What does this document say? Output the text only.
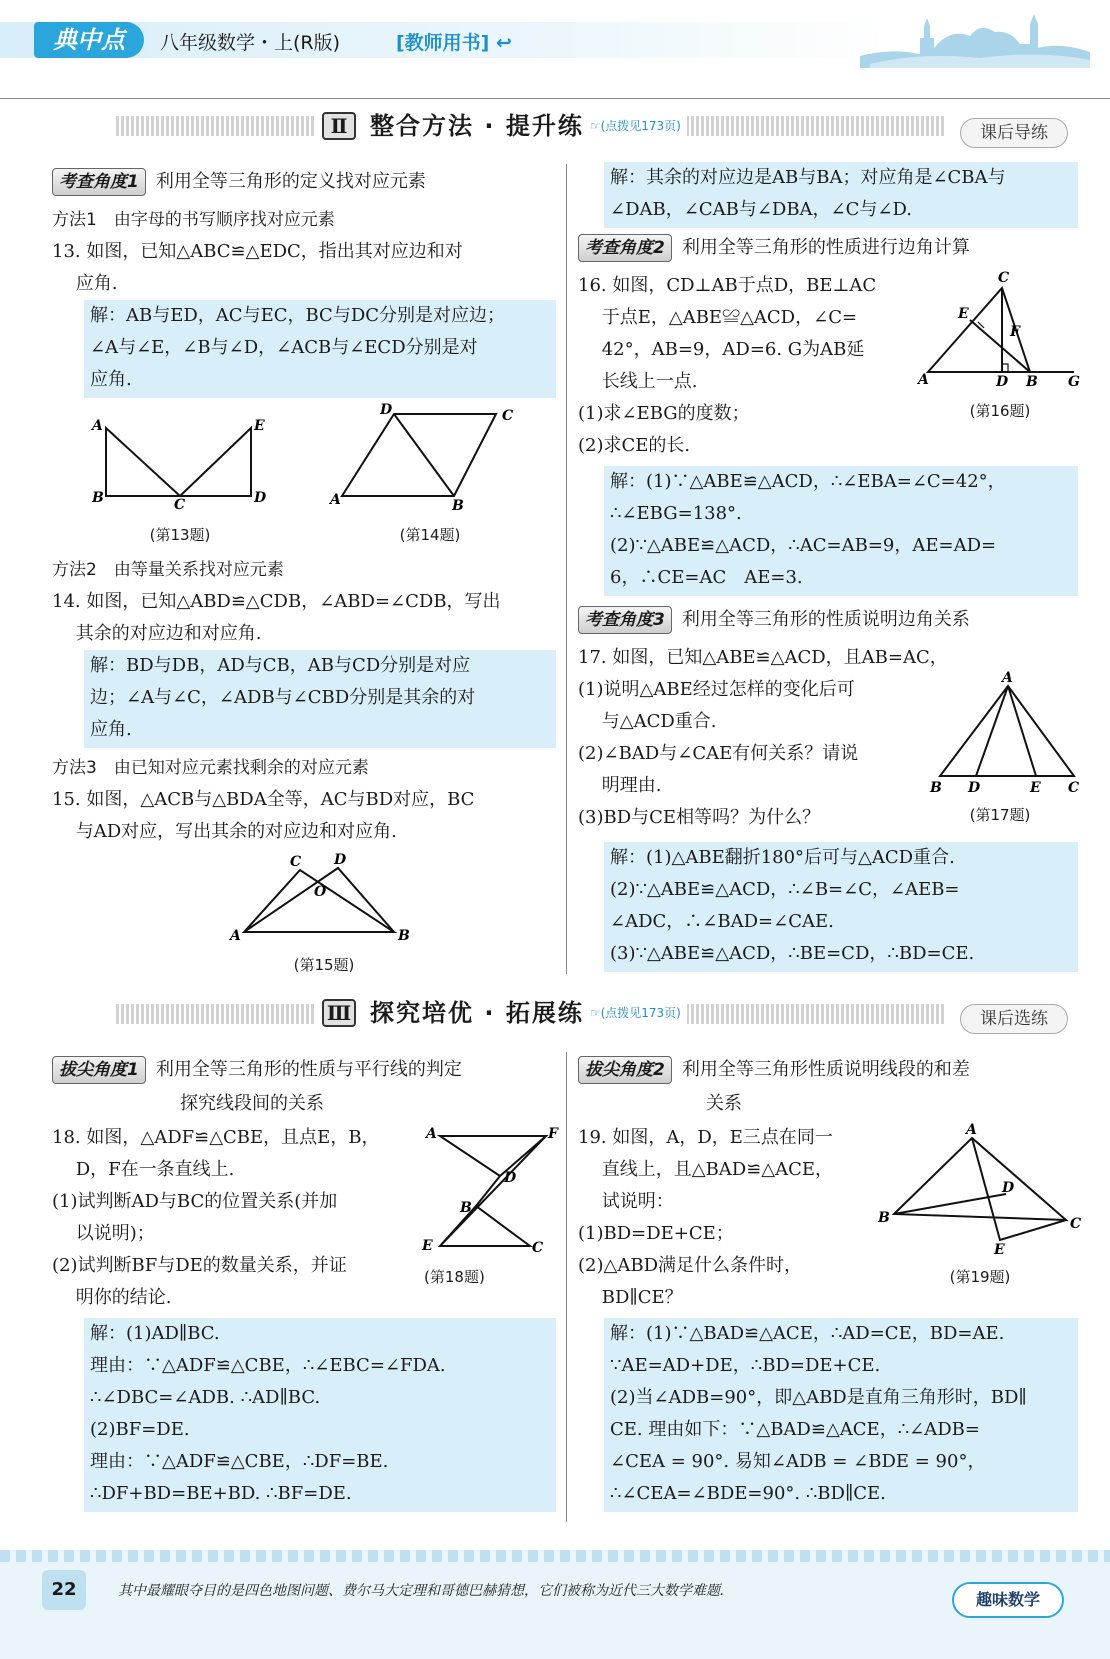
典中点	八年级数学・上(R版)	[教师用书] ↩
Ⅱ 整合方法 · 提升练 ☞(点拨见173页)	课后导练
考查角度1 利用全等三角形的定义找对应元素
方法1　由字母的书写顺序找对应元素
13. 如图，已知△ABC≌△EDC，指出其对应边和对
　 应角.
解：AB与ED，AC与EC，BC与DC分别是对应边；
∠A与∠E，∠B与∠D，∠ACB与∠ECD分别是对
应角.
A
B	C
E
D
(第13题)
D	C
A	B
(第14题)
方法2　由等量关系找对应元素
14. 如图，已知△ABD≌△CDB，∠ABD=∠CDB，写出
　 其余的对应边和对应角.
解：BD与DB，AD与CB，AB与CD分别是对应
边；∠A与∠C，∠ADB与∠CBD分别是其余的对
应角.
方法3　由已知对应元素找剩余的对应元素
15. 如图，△ACB与△BDA全等，AC与BD对应，BC
　 与AD对应，写出其余的对应边和对应角.
C D
O
A	B
(第15题)
解：其余的对应边是AB与BA；对应角是∠CBA与
∠DAB，∠CAB与∠DBA，∠C与∠D.
考查角度2 利用全等三角形的性质进行边角计算
16. 如图，CD⊥AB于点D，BE⊥AC
　 于点E，△ABE≌△ACD，∠C=
　 42°，AB=9，AD=6. G为AB延
　 长线上一点.
(1)求∠EBG的度数；
(2)求CE的长.
C
E
F
A	D B G
(第16题)
解：(1)∵△ABE≌△ACD，∴∠EBA=∠C=42°，
∴∠EBG=138°.
(2)∵△ABE≌△ACD，∴AC=AB=9，AE=AD=
6，∴CE=AC　AE=3.
考查角度3 利用全等三角形的性质说明边角关系
17. 如图，已知△ABE≌△ACD，且AB=AC，
(1)说明△ABE经过怎样的变化后可
　 与△ACD重合.
(2)∠BAD与∠CAE有何关系？请说
　 明理由.
(3)BD与CE相等吗？为什么？
A
B D	E C
(第17题)
解：(1)△ABE翻折180°后可与△ACD重合.
(2)∵△ABE≌△ACD，∴∠B=∠C，∠AEB=
∠ADC，∴∠BAD=∠CAE.
(3)∵△ABE≌△ACD，∴BE=CD，∴BD=CE.
Ⅲ 探究培优 · 拓展练 ☞(点拨见173页)	课后选练
拔尖角度1 利用全等三角形的性质与平行线的判定
探究线段间的关系
18. 如图，△ADF≌△CBE，且点E，B，
　 D，F在一条直线上.
(1)试判断AD与BC的位置关系(并加
　 以说明)；
(2)试判断BF与DE的数量关系，并证
　 明你的结论.
A	F
D
B
E	C
(第18题)
解：(1)AD∥BC.
理由：∵△ADF≌△CBE，∴∠EBC=∠FDA.
∴∠DBC=∠ADB. ∴AD∥BC.
(2)BF=DE.
理由：∵△ADF≌△CBE，∴DF=BE.
∴DF+BD=BE+BD. ∴BF=DE.
拔尖角度2 利用全等三角形性质说明线段的和差
关系
19. 如图，A，D，E三点在同一
　 直线上，且△BAD≌△ACE，
　 试说明：
(1)BD=DE+CE；
(2)△ABD满足什么条件时，
　 BD∥CE？
A
B
D
C
E
(第19题)
解：(1)∵△BAD≌△ACE，∴AD=CE，BD=AE.
∵AE=AD+DE，∴BD=DE+CE.
(2)当∠ADB=90°，即△ABD是直角三角形时，BD∥
CE. 理由如下：∵△BAD≌△ACE，∴∠ADB=
∠CEA = 90°. 易知∠ADB = ∠BDE = 90°，
∴∠CEA=∠BDE=90°. ∴BD∥CE.
22	其中最耀眼夺目的是四色地图问题、费尔马大定理和哥德巴赫猜想，它们被称为近代三大数学难题.	趣味数学
